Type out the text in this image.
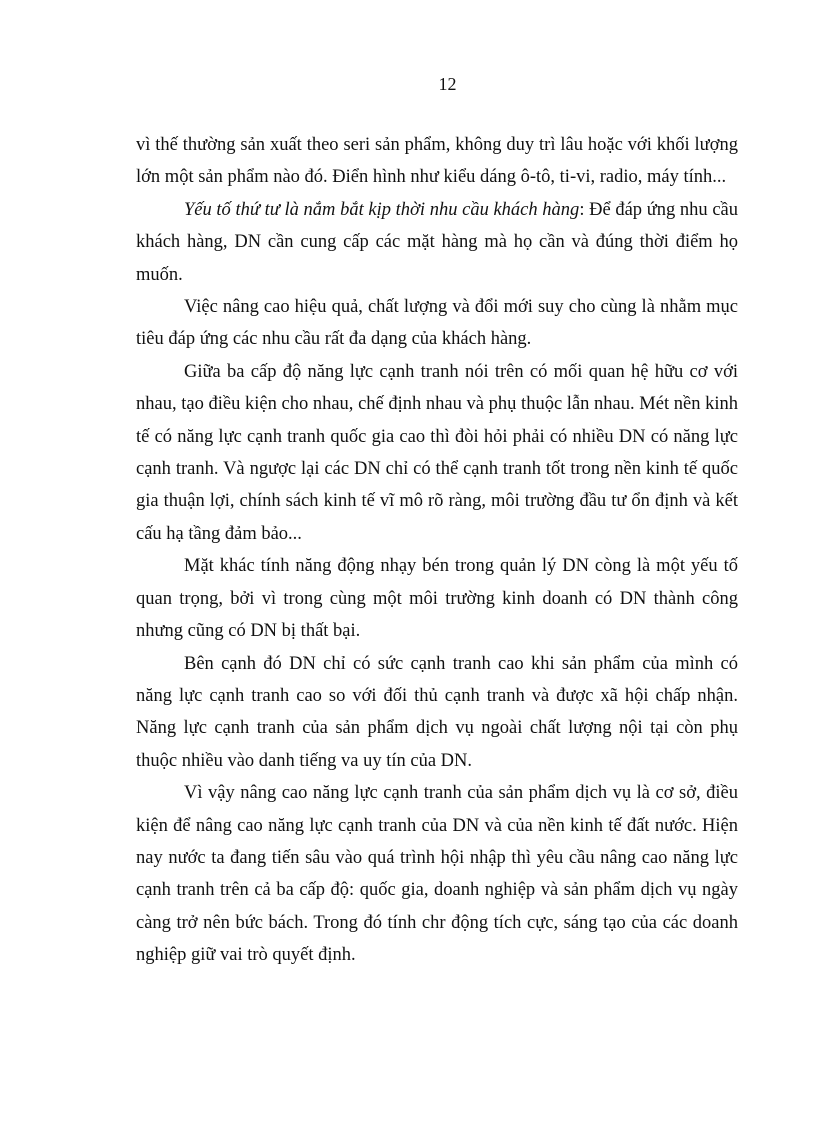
12

vì thế thường sản xuất theo seri sản phẩm, không duy trì lâu hoặc với khối lượng lớn một sản phẩm nào đó. Điển hình như kiểu dáng ô-tô, ti-vi, radio, máy tính...

Yếu tố thứ tư là nắm bắt kịp thời nhu cầu khách hàng: Để đáp ứng nhu cầu khách hàng, DN cần cung cấp các mặt hàng mà họ cần và đúng thời điểm họ muốn.

Việc nâng cao hiệu quả, chất lượng và đổi mới suy cho cùng là nhằm mục tiêu đáp ứng các nhu cầu rất đa dạng của khách hàng.

Giữa ba cấp độ năng lực cạnh tranh nói trên có mối quan hệ hữu cơ với nhau, tạo điều kiện cho nhau, chế định nhau và phụ thuộc lẫn nhau. Mét nền kinh tế có năng lực cạnh tranh quốc gia cao thì đòi hỏi phải có nhiều DN có năng lực cạnh tranh. Và ngược lại các DN chỉ có thể cạnh tranh tốt trong nền kinh tế quốc gia thuận lợi, chính sách kinh tế vĩ mô rõ ràng, môi trường đầu tư ổn định và kết cấu hạ tầng đảm bảo...

Mặt khác tính năng động nhạy bén trong quản lý DN còng là một yếu tố quan trọng, bởi vì trong cùng một môi trường kinh doanh có DN thành công nhưng cũng có DN bị thất bại.

Bên cạnh đó DN chỉ có sức cạnh tranh cao khi sản phẩm của mình có năng lực cạnh tranh cao so với đối thủ cạnh tranh và được xã hội chấp nhận. Năng lực cạnh tranh của sản phẩm dịch vụ ngoài chất lượng nội tại còn phụ thuộc nhiều vào danh tiếng va uy tín của DN.

Vì vậy nâng cao năng lực cạnh tranh của sản phẩm dịch vụ là cơ sở, điều kiện để nâng cao năng lực cạnh tranh của DN và của nền kinh tế đất nước. Hiện nay nước ta đang tiến sâu vào quá trình hội nhập thì yêu cầu nâng cao năng lực cạnh tranh trên cả ba cấp độ: quốc gia, doanh nghiệp và sản phẩm dịch vụ ngày càng trở nên bức bách. Trong đó tính chr động tích cực, sáng tạo của các doanh nghiệp giữ vai trò quyết định.
